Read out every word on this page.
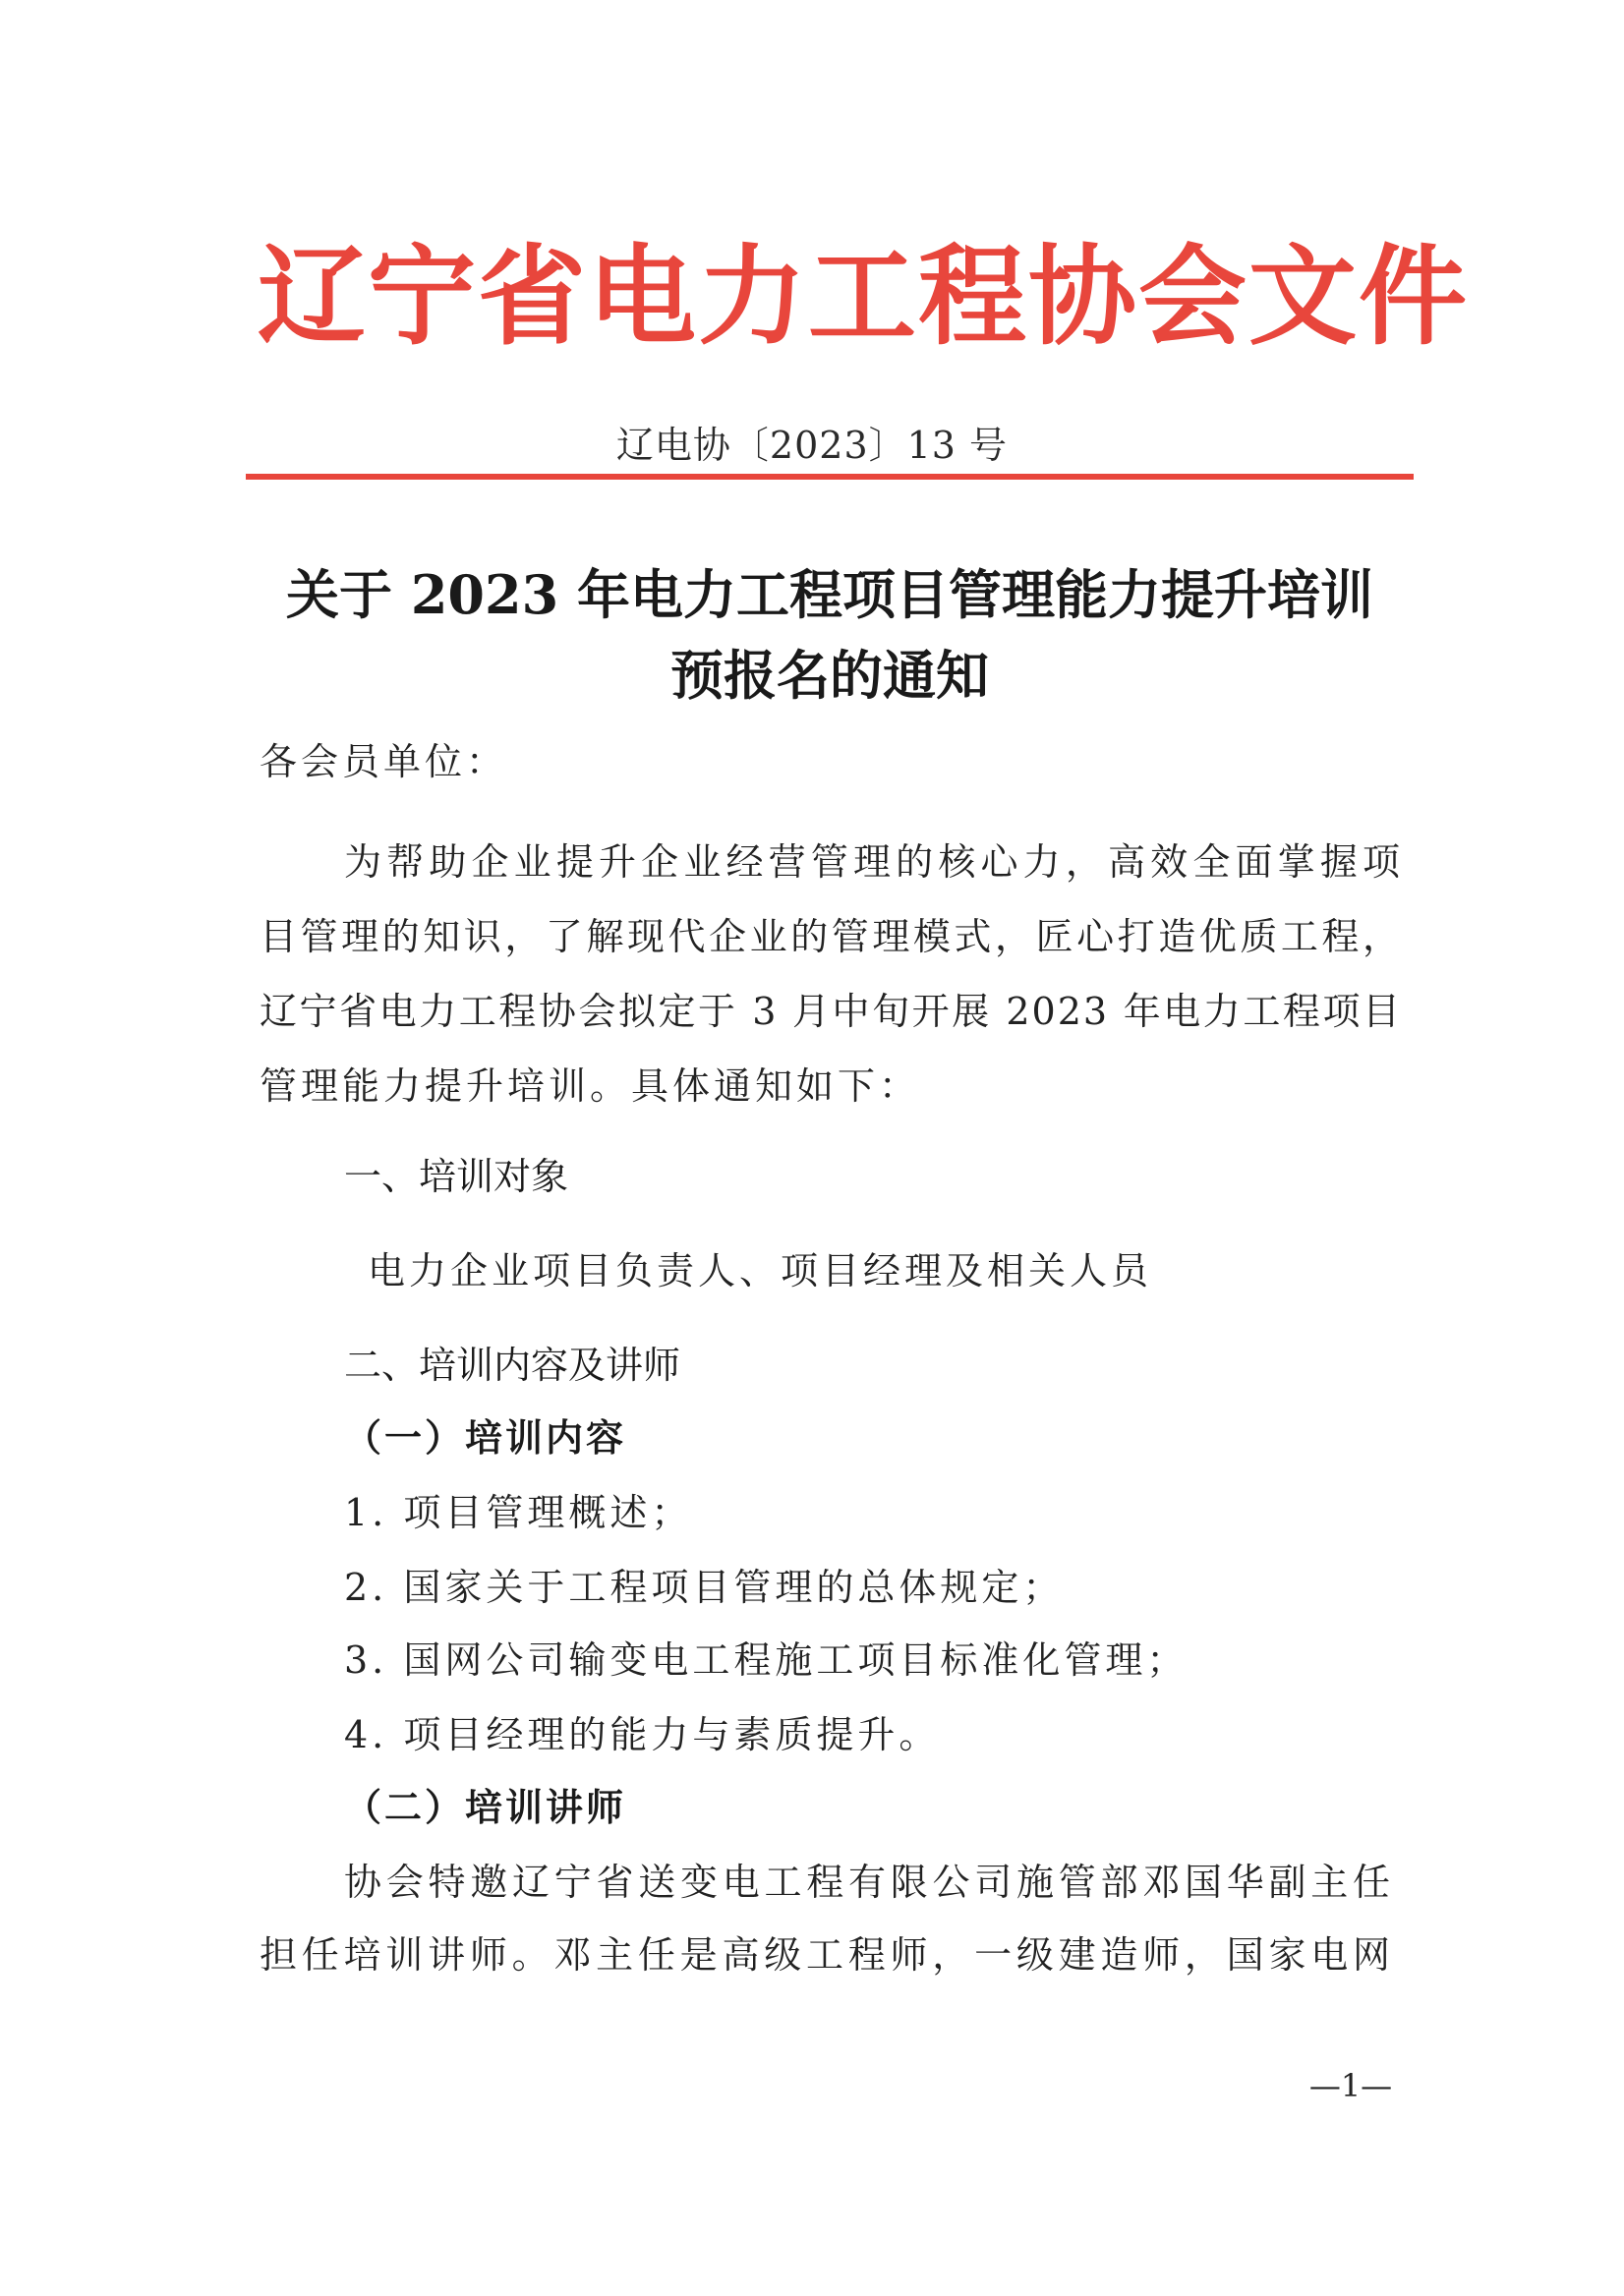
辽宁省电力工程协会文件
辽电协〔2023〕13 号
关于 2023 年电力工程项目管理能力提升培训
预报名的通知
各会员单位：
为帮助企业提升企业经营管理的核心力，高效全面掌握项
目管理的知识，了解现代企业的管理模式，匠心打造优质工程，
辽宁省电力工程协会拟定于 3 月中旬开展 2023 年电力工程项目
管理能力提升培训。具体通知如下：
一、培训对象
电力企业项目负责人、项目经理及相关人员
二、培训内容及讲师
（一）培训内容
1. 项目管理概述；
2. 国家关于工程项目管理的总体规定；
3. 国网公司输变电工程施工项目标准化管理；
4. 项目经理的能力与素质提升。
（二）培训讲师
协会特邀辽宁省送变电工程有限公司施管部邓国华副主任
担任培训讲师。邓主任是高级工程师，一级建造师，国家电网
—1—
